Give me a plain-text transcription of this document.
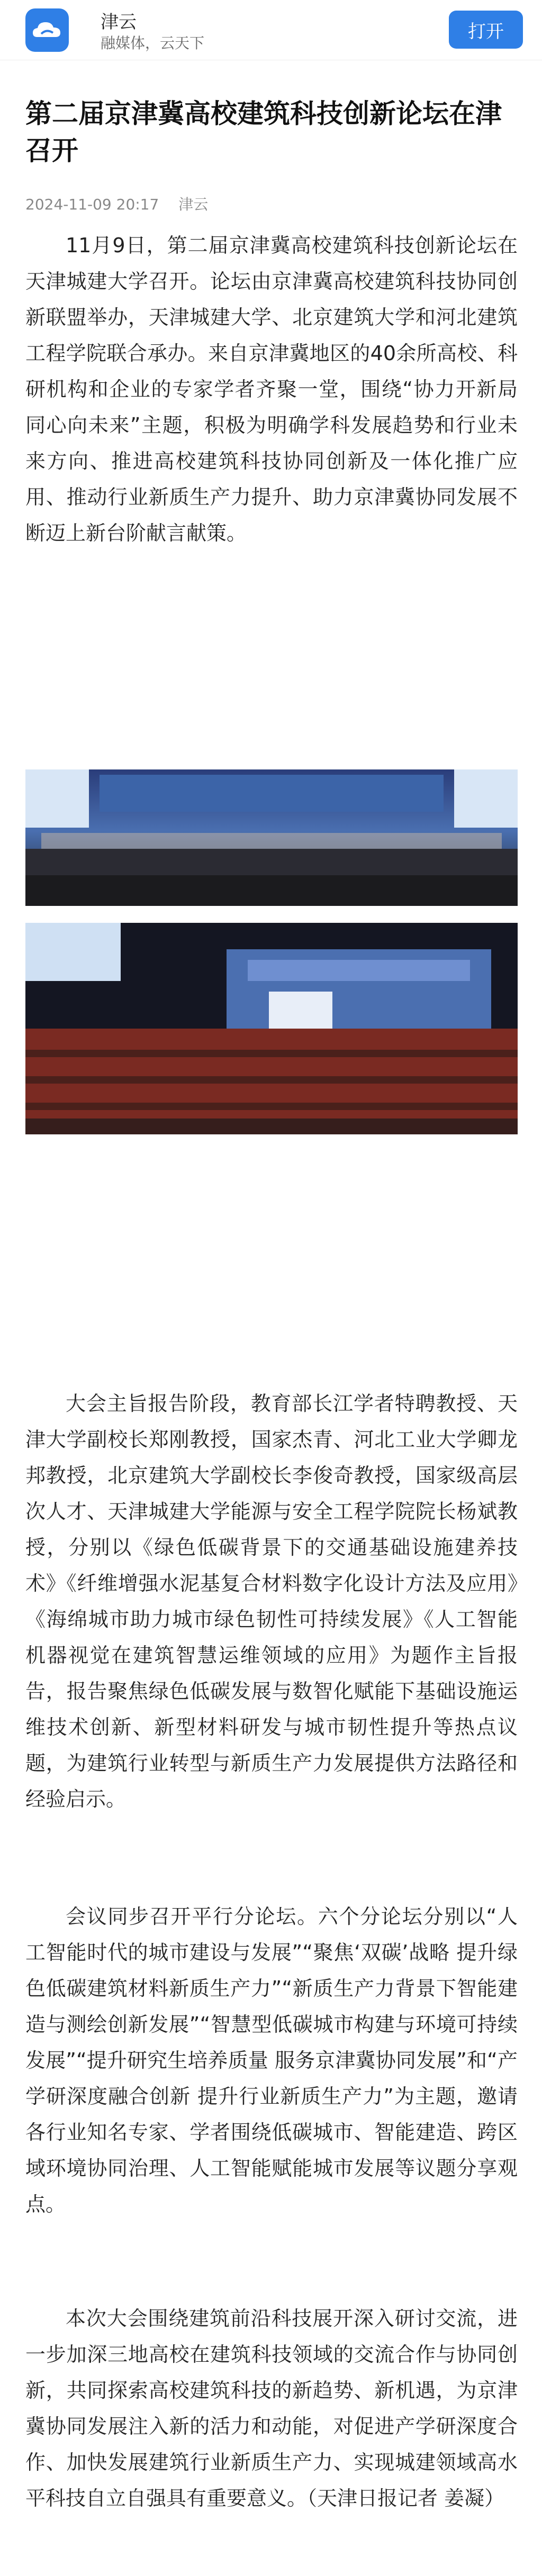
津云
融媒体，云天下
打开
第二届京津冀高校建筑科技创新论坛在津召开
2024-11-09 20:17 津云

11月9日，第二届京津冀高校建筑科技创新论坛在天津城建大学召开。论坛由京津冀高校建筑科技协同创新联盟举办，天津城建大学、北京建筑大学和河北建筑工程学院联合承办。来自京津冀地区的40余所高校、科研机构和企业的专家学者齐聚一堂，围绕“协力开新局 同心向未来”主题，积极为明确学科发展趋势和行业未来方向、推进高校建筑科技协同创新及一体化推广应用、推动行业新质生产力提升、助力京津冀协同发展不断迈上新台阶献言献策。

大会主旨报告阶段，教育部长江学者特聘教授、天津大学副校长郑刚教授，国家杰青、河北工业大学卿龙邦教授，北京建筑大学副校长李俊奇教授，国家级高层次人才、天津城建大学能源与安全工程学院院长杨斌教授，分别以《绿色低碳背景下的交通基础设施建养技术》《纤维增强水泥基复合材料数字化设计方法及应用》《海绵城市助力城市绿色韧性可持续发展》《人工智能机器视觉在建筑智慧运维领域的应用》为题作主旨报告，报告聚焦绿色低碳发展与数智化赋能下基础设施运维技术创新、新型材料研发与城市韧性提升等热点议题，为建筑行业转型与新质生产力发展提供方法路径和经验启示。

会议同步召开平行分论坛。六个分论坛分别以“人工智能时代的城市建设与发展”“聚焦‘双碳’战略 提升绿色低碳建筑材料新质生产力”“新质生产力背景下智能建造与测绘创新发展”“智慧型低碳城市构建与环境可持续发展”“提升研究生培养质量 服务京津冀协同发展”和“产学研深度融合创新 提升行业新质生产力”为主题，邀请各行业知名专家、学者围绕低碳城市、智能建造、跨区域环境协同治理、人工智能赋能城市发展等议题分享观点。

本次大会围绕建筑前沿科技展开深入研讨交流，进一步加深三地高校在建筑科技领域的交流合作与协同创新，共同探索高校建筑科技的新趋势、新机遇，为京津冀协同发展注入新的活力和动能，对促进产学研深度合作、加快发展建筑行业新质生产力、实现城建领域高水平科技自立自强具有重要意义。（天津日报记者 姜凝）
